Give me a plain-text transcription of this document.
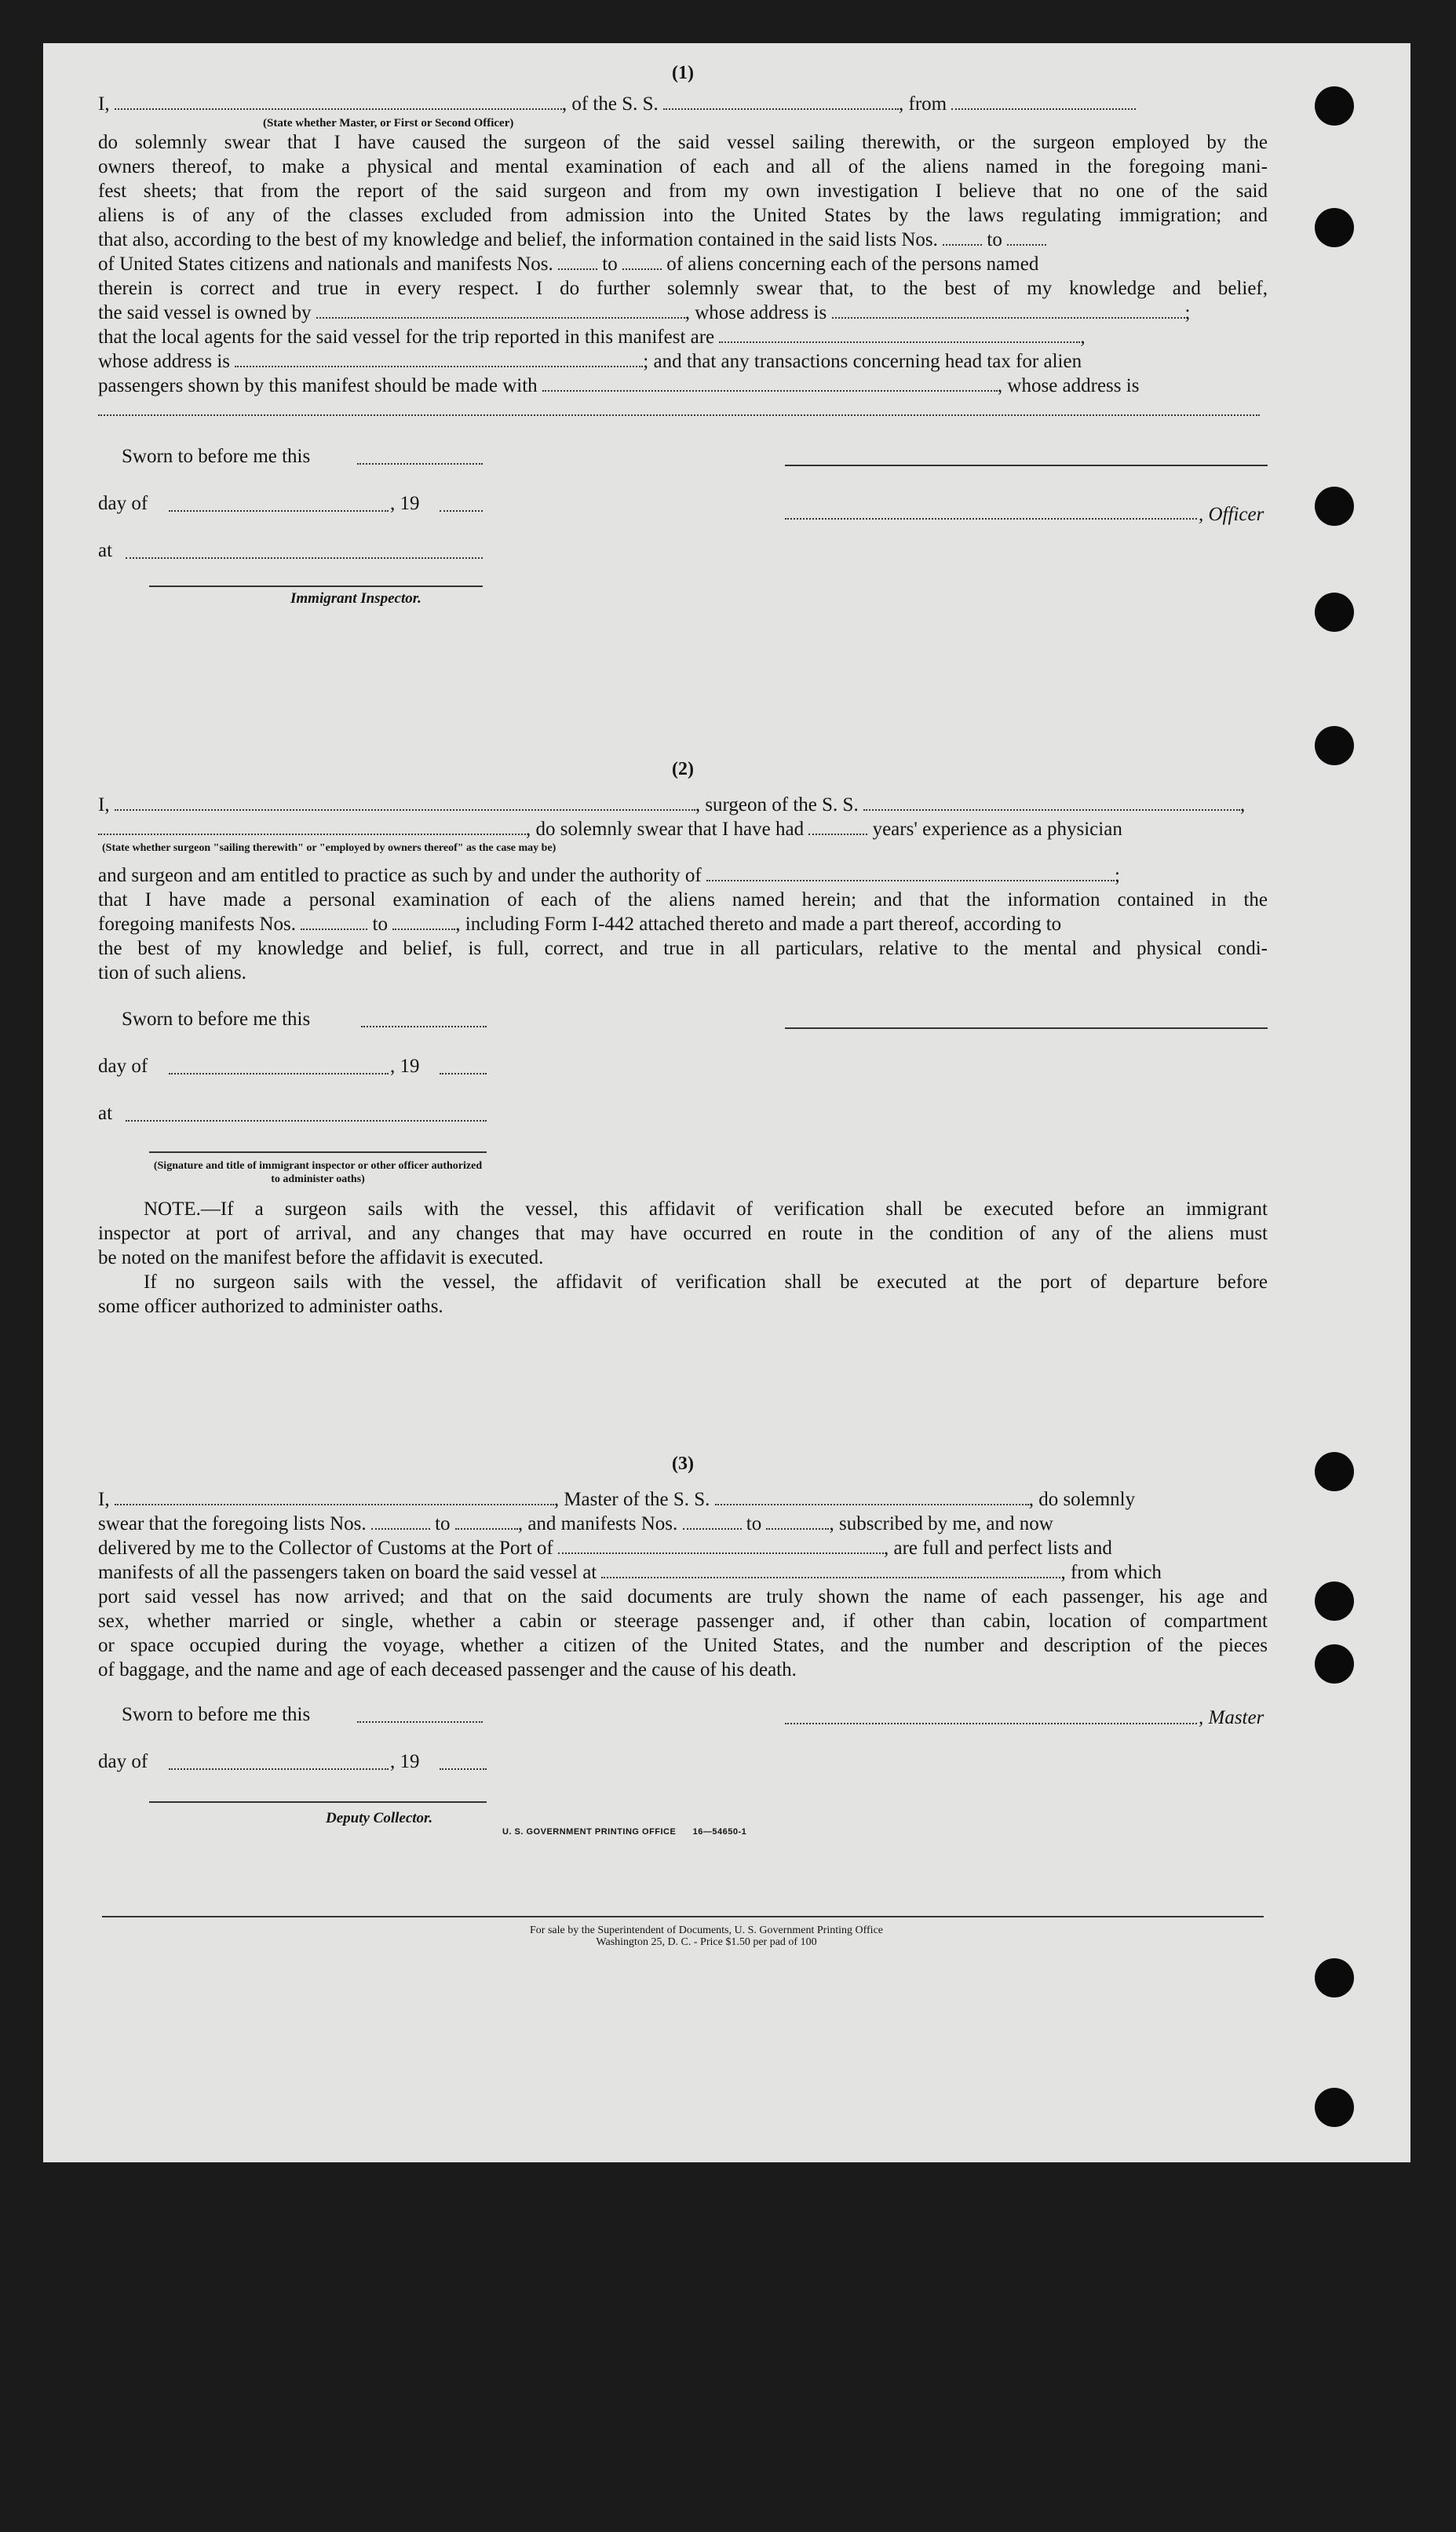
(1)
I,	, of the S. S.	, from
(State whether Master, or First or Second Officer)
do solemnly swear that I have caused the surgeon of the said vessel sailing therewith, or the surgeon employed by the
owners thereof, to make a physical and mental examination of each and all of the aliens named in the foregoing mani-
fest sheets; that from the report of the said surgeon and from my own investigation I believe that no one of the said
aliens is of any of the classes excluded from admission into the United States by the laws regulating immigration; and
that also, according to the best of my knowledge and belief, the information contained in the said lists Nos.	to
of United States citizens and nationals and manifests Nos.	to	of aliens concerning each of the persons named
therein is correct and true in every respect. I do further solemnly swear that, to the best of my knowledge and belief,
the said vessel is owned by	, whose address is	;
that the local agents for the said vessel for the trip reported in this manifest are	,
whose address is	; and that any transactions concerning head tax for alien
passengers shown by this manifest should be made with	, whose address is
Sworn to before me this
day of	, 19
, Officer
at
Immigrant Inspector.
(2)
I,	, surgeon of the S. S.	,
, do solemnly swear that I have had	years' experience as a physician
(State whether surgeon "sailing therewith" or "employed by owners thereof" as the case may be)
and surgeon and am entitled to practice as such by and under the authority of	;
that I have made a personal examination of each of the aliens named herein; and that the information contained in the
foregoing manifests Nos.	to	, including Form I-442 attached thereto and made a part thereof, according to
the best of my knowledge and belief, is full, correct, and true in all particulars, relative to the mental and physical condi-
tion of such aliens.
Sworn to before me this
day of	, 19
at
(Signature and title of immigrant inspector or other officer authorized to administer oaths)
NOTE.—If a surgeon sails with the vessel, this affidavit of verification shall be executed before an immigrant
inspector at port of arrival, and any changes that may have occurred en route in the condition of any of the aliens must
be noted on the manifest before the affidavit is executed.
If no surgeon sails with the vessel, the affidavit of verification shall be executed at the port of departure before
some officer authorized to administer oaths.
(3)
I,	, Master of the S. S.	, do solemnly
swear that the foregoing lists Nos.	to	, and manifests Nos.	to	, subscribed by me, and now
delivered by me to the Collector of Customs at the Port of	, are full and perfect lists and
manifests of all the passengers taken on board the said vessel at	, from which
port said vessel has now arrived; and that on the said documents are truly shown the name of each passenger, his age and
sex, whether married or single, whether a cabin or steerage passenger and, if other than cabin, location of compartment
or space occupied during the voyage, whether a citizen of the United States, and the number and description of the pieces
of baggage, and the name and age of each deceased passenger and the cause of his death.
Sworn to before me this	, Master
day of	, 19
Deputy Collector.
U. S. GOVERNMENT PRINTING OFFICE      16—54650-1
For sale by the Superintendent of Documents, U. S. Government Printing Office
Washington 25, D. C. - Price $1.50 per pad of 100
